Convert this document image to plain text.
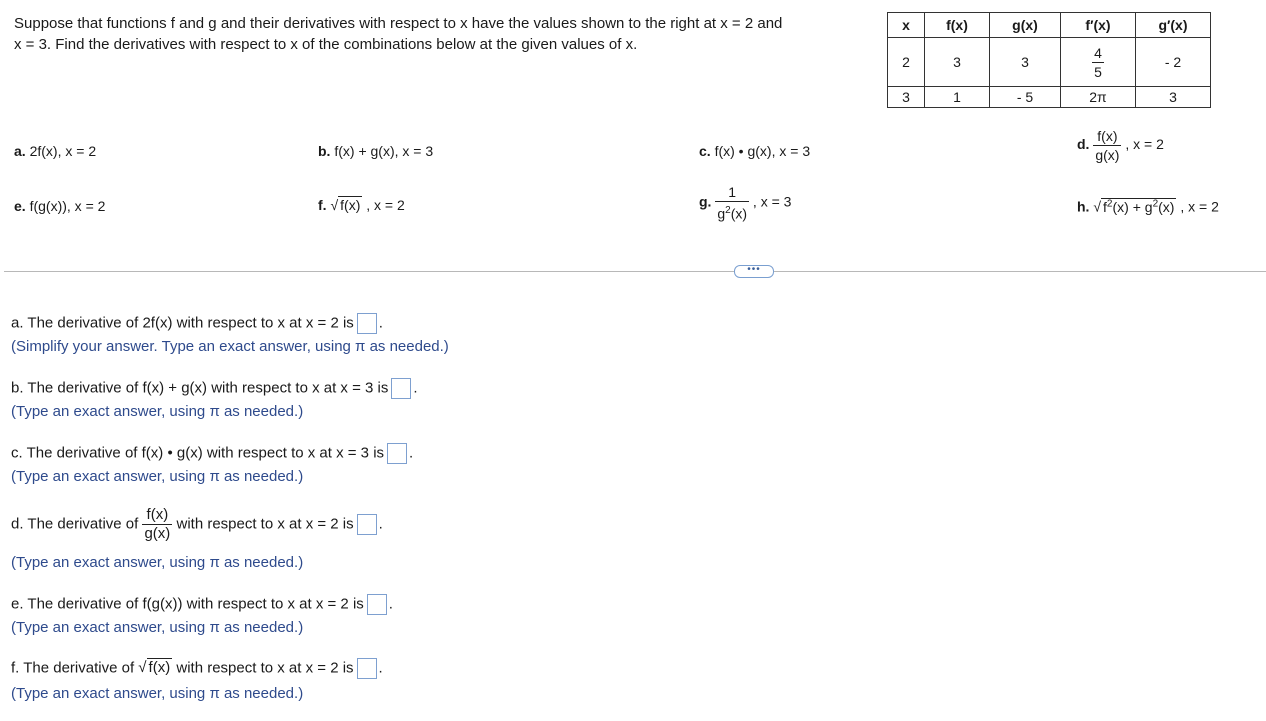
Suppose that functions f and g and their derivatives with respect to x have the values shown to the right at x = 2 and
x = 3. Find the derivatives with respect to x of the combinations below at the given values of x.
x	f(x)	g(x)	f′(x)	g′(x)
2	3	3	$\frac{4}{5}$	- 2
3	1	- 5	2π	3
a. 2f(x), x = 2	b. f(x) + g(x), x = 3	c. f(x) • g(x), x = 3	d. $\frac{f(x)}{g(x)}$ , x = 2
e. f(g(x)), x = 2	f. √ f(x) , x = 2	g. $\frac{1}{g^2(x)}$ , x = 3	h. √ $f^2(x) + g^2(x)$ , x = 2
•••
a. The derivative of 2f(x) with respect to x at x = 2 is .
(Simplify your answer. Type an exact answer, using π as needed.)
b. The derivative of f(x) + g(x) with respect to x at x = 3 is .
(Type an exact answer, using π as needed.)
c. The derivative of f(x) • g(x) with respect to x at x = 3 is .
(Type an exact answer, using π as needed.)
d. The derivative of $\frac{f(x)}{g(x)}$ with respect to x at x = 2 is .
(Type an exact answer, using π as needed.)
e. The derivative of f(g(x)) with respect to x at x = 2 is .
(Type an exact answer, using π as needed.)
f. The derivative of √ f(x) with respect to x at x = 2 is .
(Type an exact answer, using π as needed.)
